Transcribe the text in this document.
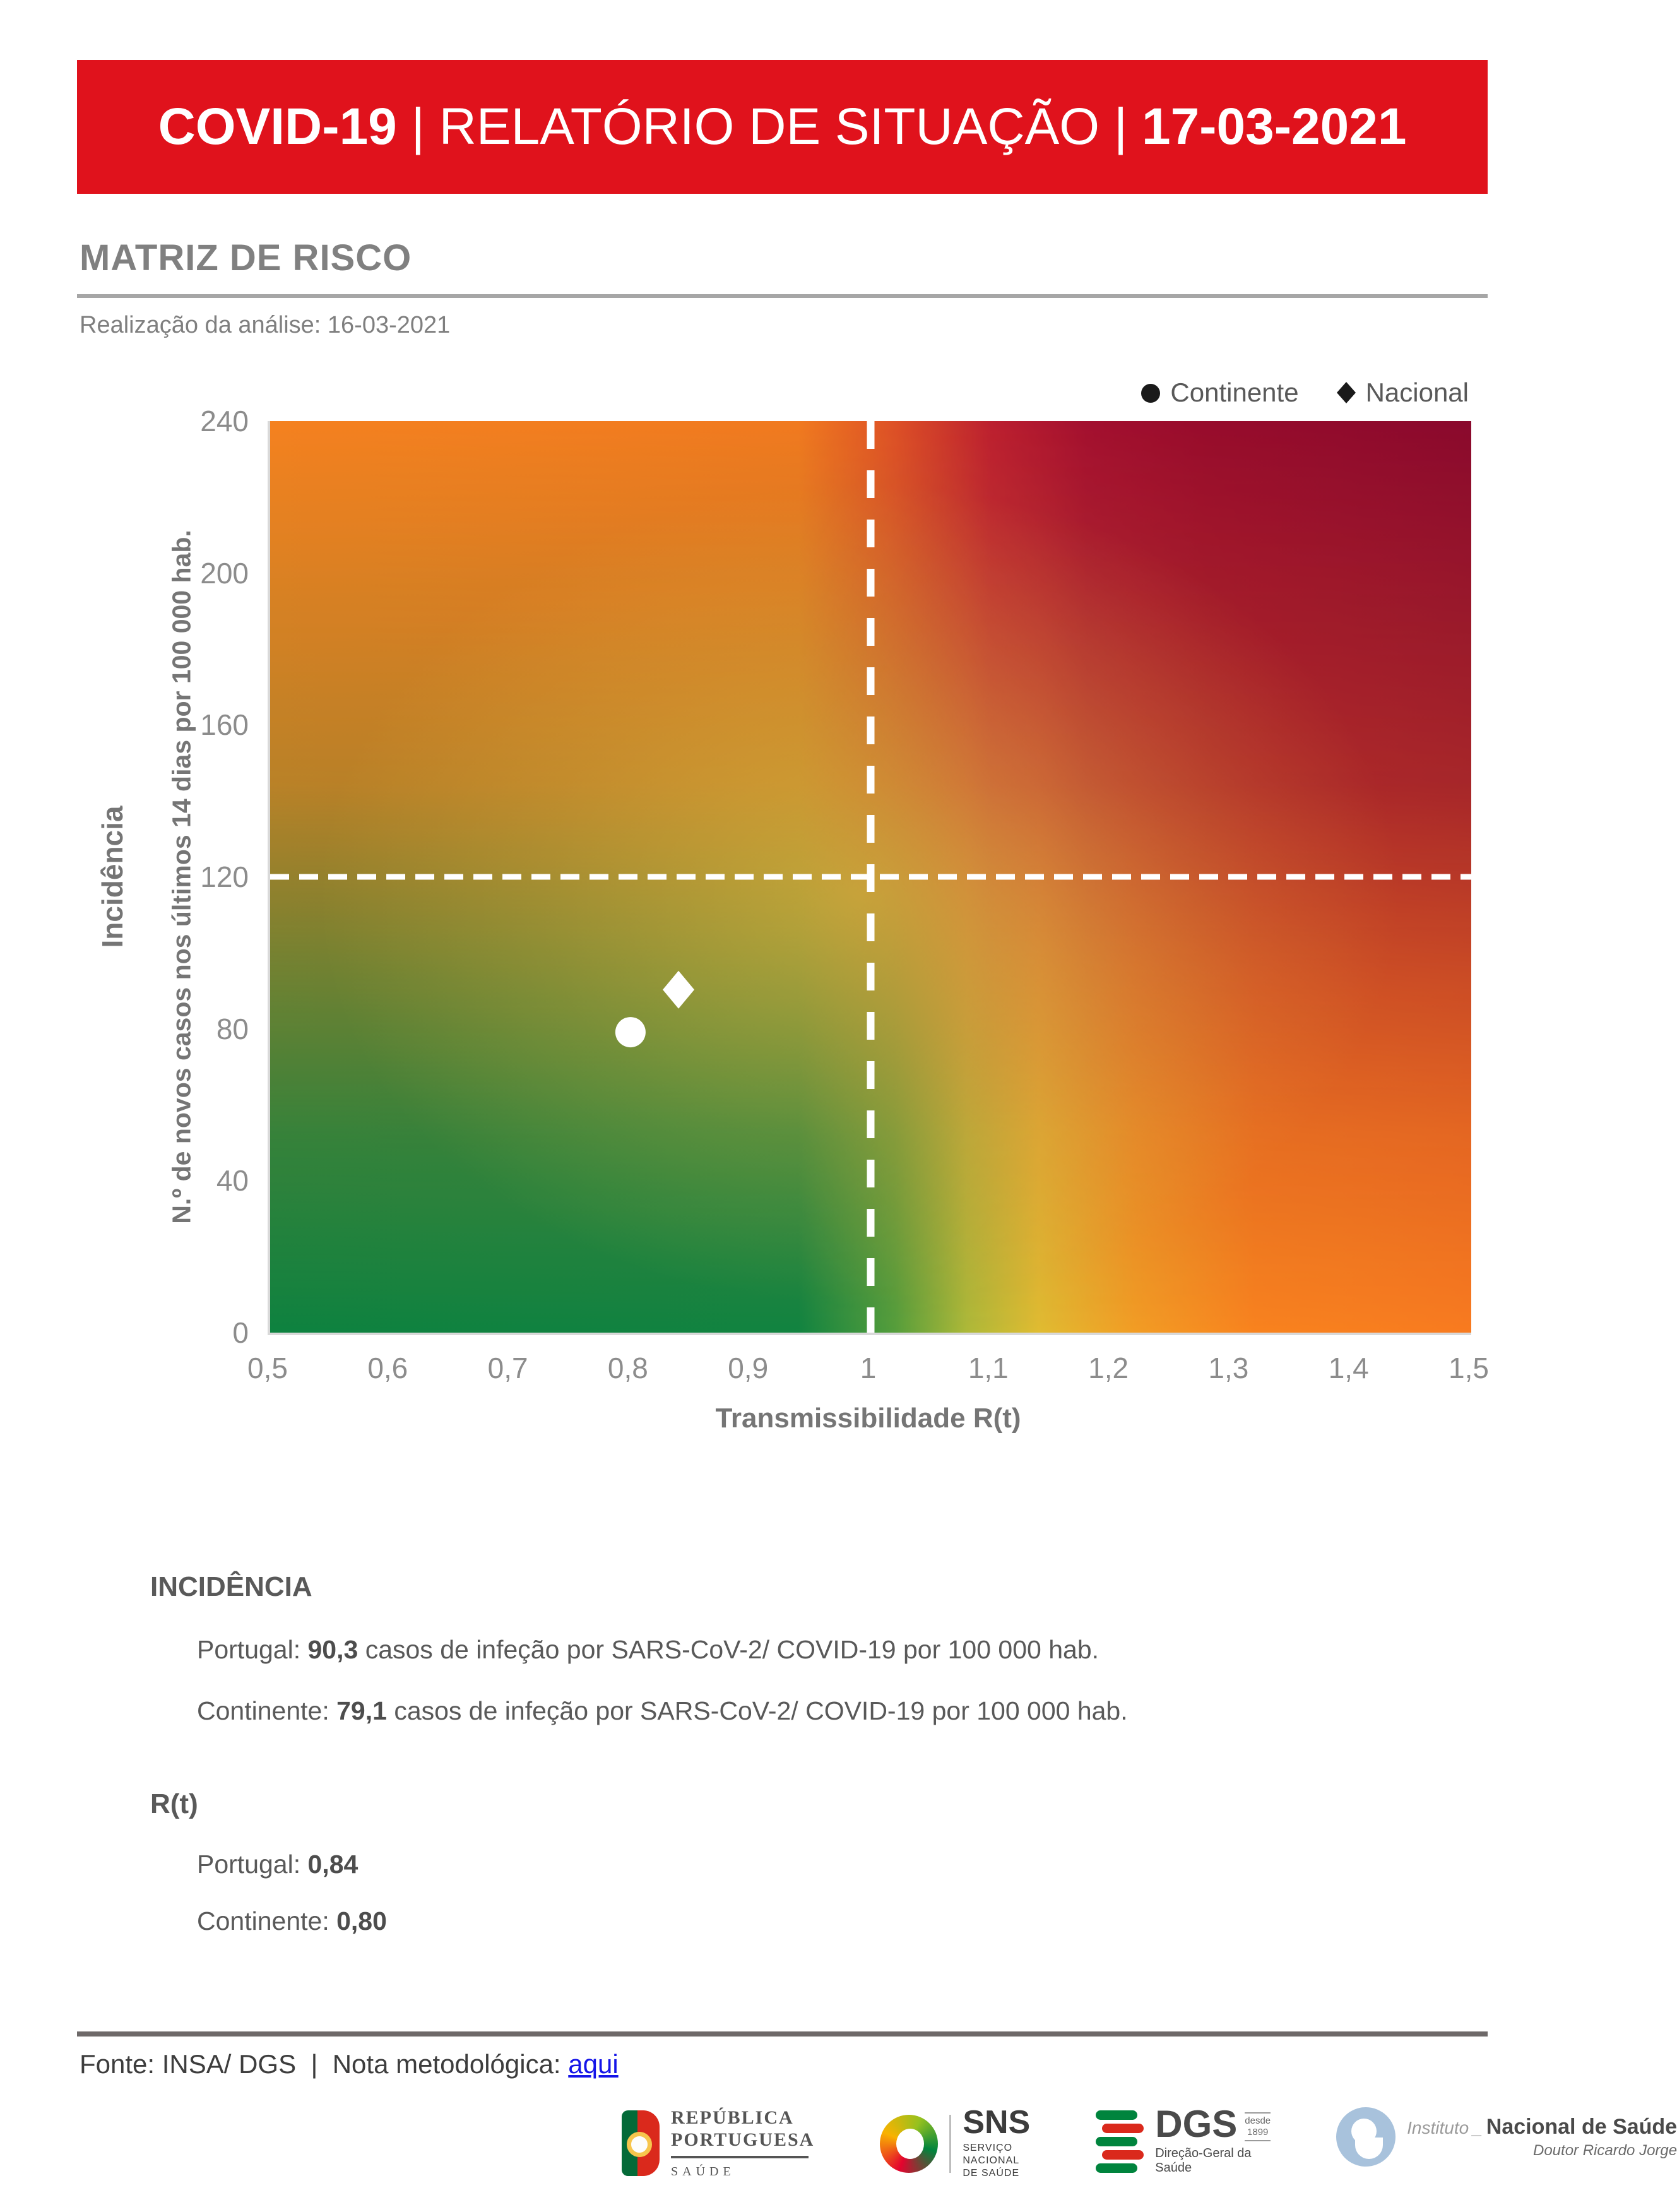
COVID-19 | RELATÓRIO DE SITUAÇÃO | 17-03-2021
MATRIZ DE RISCO
Realização da análise: 16-03-2021
Continente	Nacional
Incidência N.º de novos casos nos últimos 14 dias por 100 000 hab.
240
200
160
120
80
40
0
0,5	0,6	0,7	0,8	0,9	1	1,1	1,2	1,3	1,4	1,5
Transmissibilidade R(t)
INCIDÊNCIA

Portugal: 90,3 casos de infeção por SARS-CoV-2/ COVID-19 por 100 000 hab.

Continente: 79,1 casos de infeção por SARS-CoV-2/ COVID-19 por 100 000 hab.

R(t)

Portugal: 0,84

Continente: 0,80

Fonte: INSA/ DGS  |  Nota metodológica: aqui
REPÚBLICA
PORTUGUESA
SAÚDE
SNS
SERVIÇO NACIONAL
DE SAÚDE
DGS desde
1899
Direção-Geral da Saúde
Instituto _ Nacional de Saúde
Doutor Ricardo Jorge
